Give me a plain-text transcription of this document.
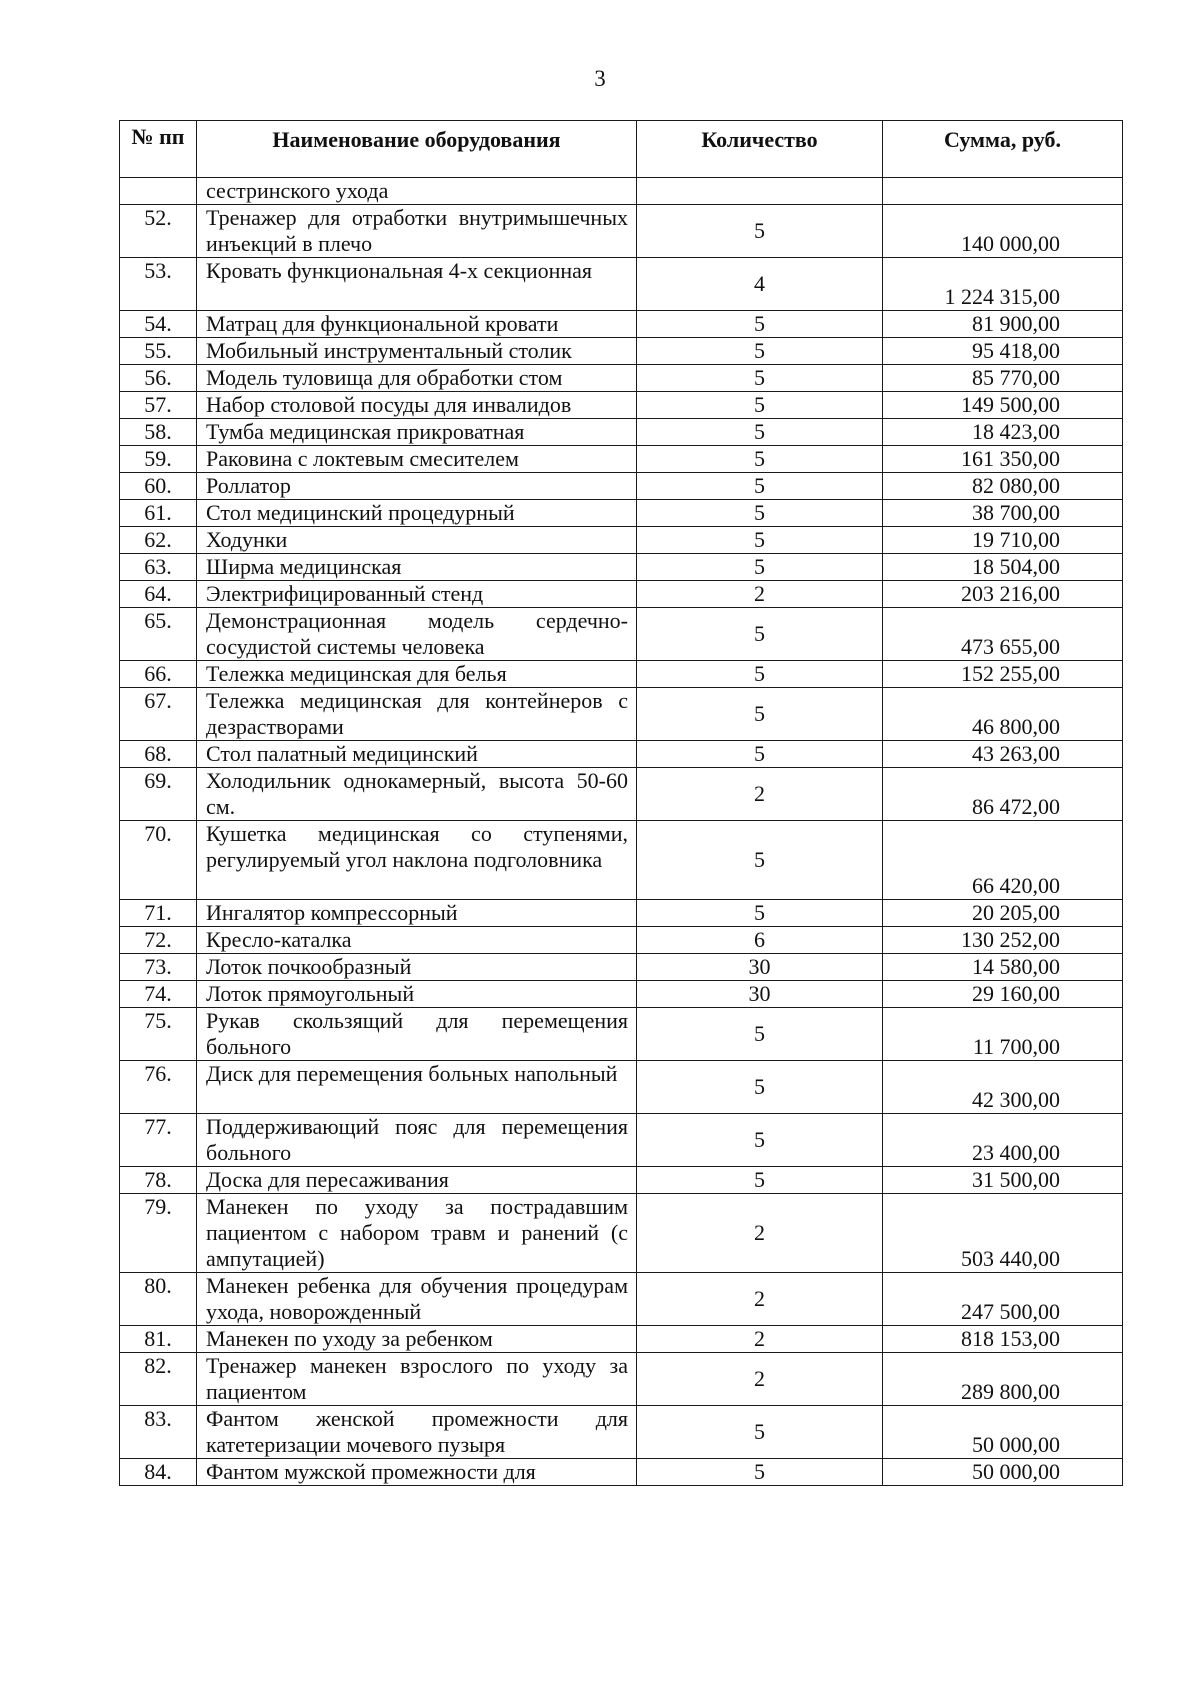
3
№ пп	Наименование оборудования	Количество	Сумма, руб.
	сестринского ухода		
52.	Тренажер для отработки внутримышечных инъекций в плечо	5	140 000,00
53.	Кровать функциональная 4-х секционная	4	1 224 315,00
54.	Матрац для функциональной кровати	5	81 900,00
55.	Мобильный инструментальный столик	5	95 418,00
56.	Модель туловища для обработки стом	5	85 770,00
57.	Набор столовой посуды для инвалидов	5	149 500,00
58.	Тумба медицинская прикроватная	5	18 423,00
59.	Раковина с локтевым смесителем	5	161 350,00
60.	Роллатор	5	82 080,00
61.	Стол медицинский процедурный	5	38 700,00
62.	Ходунки	5	19 710,00
63.	Ширма медицинская	5	18 504,00
64.	Электрифицированный стенд	2	203 216,00
65.	Демонстрационная модель сердечно-сосудистой системы человека	5	473 655,00
66.	Тележка медицинская для белья	5	152 255,00
67.	Тележка медицинская для контейнеров с дезрастворами	5	46 800,00
68.	Стол палатный медицинский	5	43 263,00
69.	Холодильник однокамерный, высота 50-60 см.	2	86 472,00
70.	Кушетка медицинская со ступенями, регулируемый угол наклона подголовника	5	66 420,00
71.	Ингалятор компрессорный	5	20 205,00
72.	Кресло-каталка	6	130 252,00
73.	Лоток почкообразный	30	14 580,00
74.	Лоток прямоугольный	30	29 160,00
75.	Рукав скользящий для перемещения больного	5	11 700,00
76.	Диск для перемещения больных напольный	5	42 300,00
77.	Поддерживающий пояс для перемещения больного	5	23 400,00
78.	Доска для пересаживания	5	31 500,00
79.	Манекен по уходу за пострадавшим пациентом с набором травм и ранений (с ампутацией)	2	503 440,00
80.	Манекен ребенка для обучения процедурам ухода, новорожденный	2	247 500,00
81.	Манекен по уходу за ребенком	2	818 153,00
82.	Тренажер манекен взрослого по уходу за пациентом	2	289 800,00
83.	Фантом женской промежности для катетеризации мочевого пузыря	5	50 000,00
84.	Фантом мужской промежности для	5	50 000,00
